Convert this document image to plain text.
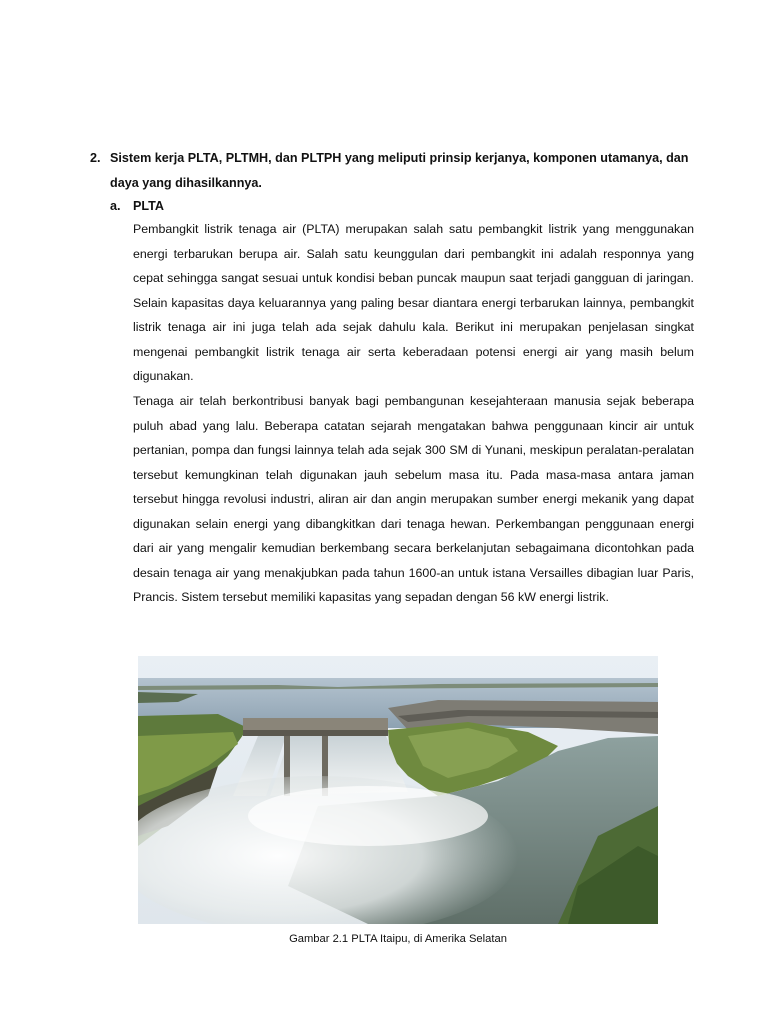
2. Sistem kerja PLTA, PLTMH, dan PLTPH yang meliputi prinsip kerjanya, komponen utamanya, dan daya yang dihasilkannya.
a. PLTA

Pembangkit listrik tenaga air (PLTA) merupakan salah satu pembangkit listrik yang menggunakan energi terbarukan berupa air. Salah satu keunggulan dari pembangkit ini adalah responnya yang cepat sehingga sangat sesuai untuk kondisi beban puncak maupun saat terjadi gangguan di jaringan. Selain kapasitas daya keluarannya yang paling besar diantara energi terbarukan lainnya, pembangkit listrik tenaga air ini juga telah ada sejak dahulu kala. Berikut ini merupakan penjelasan singkat mengenai pembangkit listrik tenaga air serta keberadaan potensi energi air yang masih belum digunakan.

Tenaga air telah berkontribusi banyak bagi pembangunan kesejahteraan manusia sejak beberapa puluh abad yang lalu. Beberapa catatan sejarah mengatakan bahwa penggunaan kincir air untuk pertanian, pompa dan fungsi lainnya telah ada sejak 300 SM di Yunani, meskipun peralatan-peralatan tersebut kemungkinan telah digunakan jauh sebelum masa itu. Pada masa-masa antara jaman tersebut hingga revolusi industri, aliran air dan angin merupakan sumber energi mekanik yang dapat digunakan selain energi yang dibangkitkan dari tenaga hewan. Perkembangan penggunaan energi dari air yang mengalir kemudian berkembang secara berkelanjutan sebagaimana dicontohkan pada desain tenaga air yang menakjubkan pada tahun 1600-an untuk istana Versailles dibagian luar Paris, Prancis. Sistem tersebut memiliki kapasitas yang sepadan dengan 56 kW energi listrik.

Gambar 2.1 PLTA Itaipu, di Amerika Selatan
